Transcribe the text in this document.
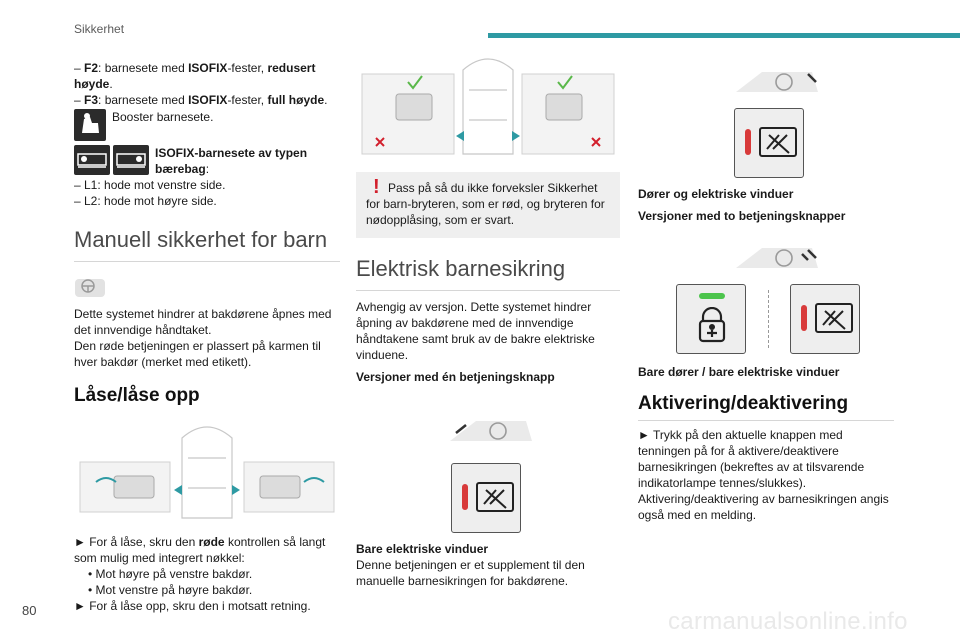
Sikkerhet

– F2: barnesete med ISOFIX-fester, redusert høyde.

– F3: barnesete med ISOFIX-fester, full høyde.

Booster barnesete.

ISOFIX-barnesete av typen bærebag:

– L1: hode mot venstre side.

– L2: hode mot høyre side.

Manuell sikkerhet for barn

Dette systemet hindrer at bakdørene åpnes med det innvendige håndtaket.

Den røde betjeningen er plassert på karmen til hver bakdør (merket med etikett).

Låse/låse opp

► For å låse, skru den røde kontrollen så langt som mulig med integrert nøkkel:

• Mot høyre på venstre bakdør.

• Mot venstre på høyre bakdør.

► For å låse opp, skru den i motsatt retning.

! Pass på så du ikke forveksler Sikkerhet for barn-bryteren, som er rød, og bryteren for nødopplåsing, som er svart.

Elektrisk barnesikring

Avhengig av versjon. Dette systemet hindrer åpning av bakdørene med de innvendige håndtakene samt bruk av de bakre elektriske vinduene.

Versjoner med én betjeningsknapp

Bare elektriske vinduer

Denne betjeningen er et supplement til den manuelle barnesikringen for bakdørene.

Dører og elektriske vinduer

Versjoner med to betjeningsknapper

Bare dører / bare elektriske vinduer

Aktivering/deaktivering

► Trykk på den aktuelle knappen med tenningen på for å aktivere/deaktivere barnesikringen (bekreftes av at tilsvarende indikatorlampe tennes/slukkes).

Aktivering/deaktivering av barnesikringen angis også med en melding.

80	carmanualsonline.info
